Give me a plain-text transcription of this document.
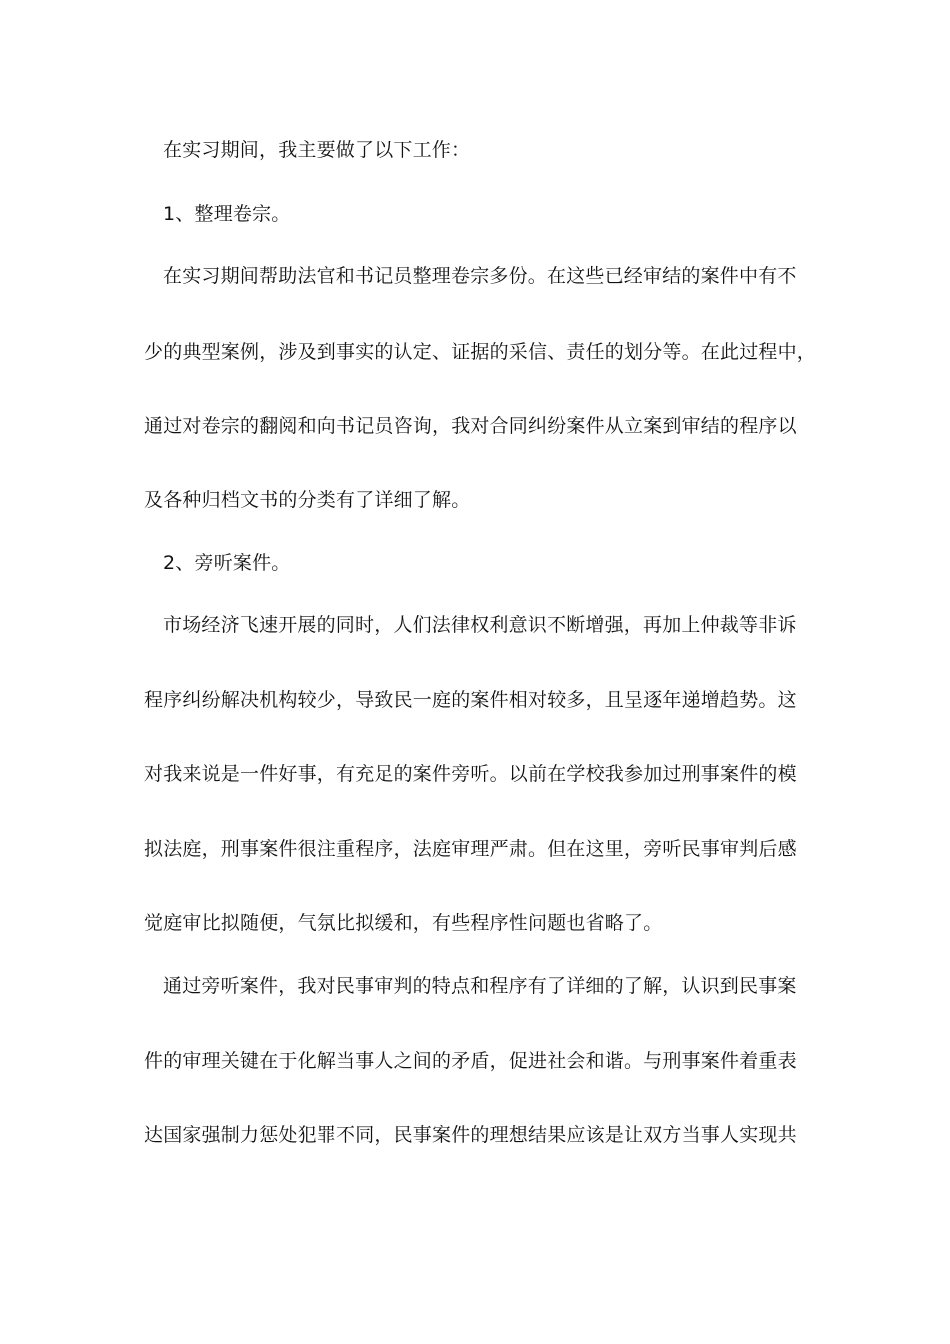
在实习期间，我主要做了以下工作：
1、整理卷宗。
在实习期间帮助法官和书记员整理卷宗多份。在这些已经审结的案件中有不
少的典型案例，涉及到事实的认定、证据的采信、责任的划分等。在此过程中，
通过对卷宗的翻阅和向书记员咨询，我对合同纠纷案件从立案到审结的程序以
及各种归档文书的分类有了详细了解。
2、旁听案件。
市场经济飞速开展的同时，人们法律权利意识不断增强，再加上仲裁等非诉
程序纠纷解决机构较少，导致民一庭的案件相对较多，且呈逐年递增趋势。这
对我来说是一件好事，有充足的案件旁听。以前在学校我参加过刑事案件的模
拟法庭，刑事案件很注重程序，法庭审理严肃。但在这里，旁听民事审判后感
觉庭审比拟随便，气氛比拟缓和，有些程序性问题也省略了。
通过旁听案件，我对民事审判的特点和程序有了详细的了解，认识到民事案
件的审理关键在于化解当事人之间的矛盾，促进社会和谐。与刑事案件着重表
达国家强制力惩处犯罪不同，民事案件的理想结果应该是让双方当事人实现共
